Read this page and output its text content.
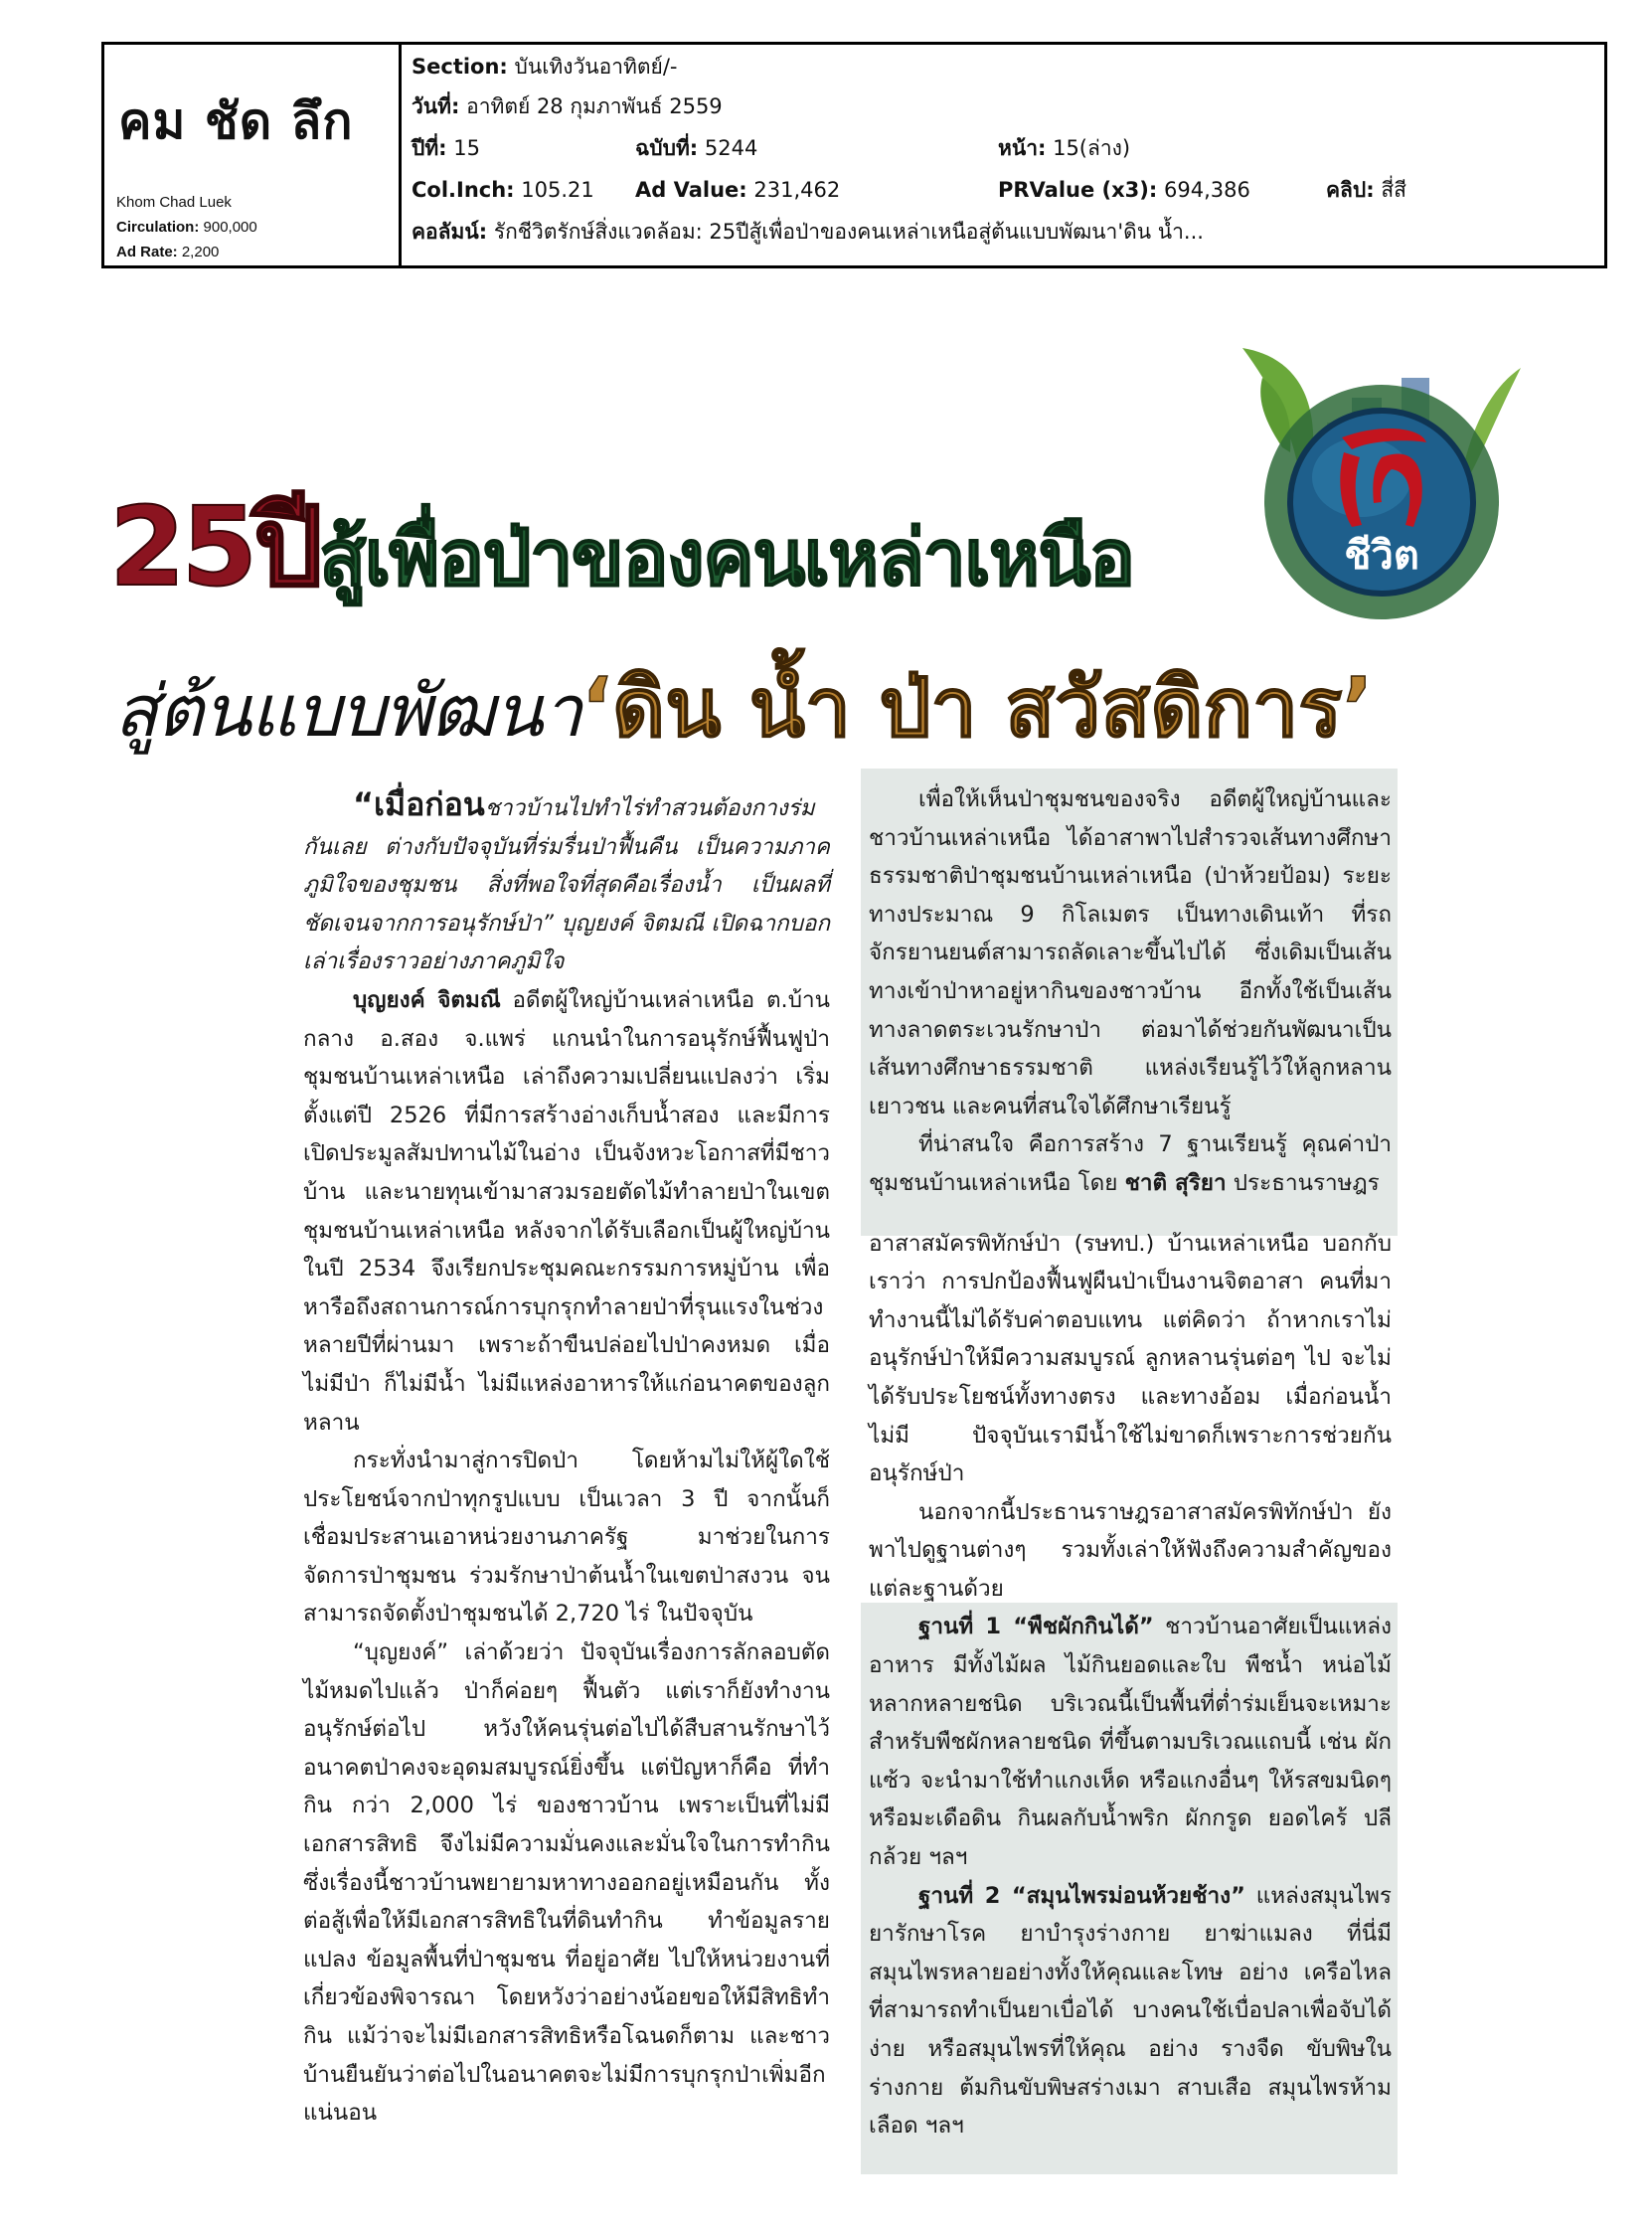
คม ชัด ลึก
Khom Chad Luek
Circulation: 900,000
Ad Rate: 2,200
Section: บันเทิงวันอาทิตย์/-
วันที่: อาทิตย์ 28 กุมภาพันธ์ 2559
ปีที่: 15	ฉบับที่: 5244	หน้า: 15(ล่าง)
Col.Inch: 105.21 Ad Value: 231,462	PRValue (x3): 694,386	คลิป: สี่สี
คอลัมน์: รักชีวิตรักษ์สิ่งแวดล้อม: 25ปีสู้เพื่อป่าของคนเหล่าเหนือสู่ต้นแบบพัฒนา'ดิน น้ำ...
ชีวิต
25ปีสู้เพื่อป่าของคนเหล่าเหนือ
สู่ต้นแบบพัฒนา‘ดิน น้ำ ป่า สวัสดิการ’

“เมื่อก่อนชาวบ้านไปทำไร่ทำสวนต้องกางร่มกันเลย ต่างกับปัจจุบันที่ร่มรื่นป่าฟื้นคืน เป็นความภาคภูมิใจของชุมชน สิ่งที่พอใจที่สุดคือเรื่องน้ำ เป็นผลที่ชัดเจนจากการอนุรักษ์ป่า” บุญยงค์ จิตมณี เปิดฉากบอกเล่าเรื่องราวอย่างภาคภูมิใจ

บุญยงค์ จิตมณี อดีตผู้ใหญ่บ้านเหล่าเหนือ ต.บ้านกลาง อ.สอง จ.แพร่ แกนนำในการอนุรักษ์ฟื้นฟูป่าชุมชนบ้านเหล่าเหนือ เล่าถึงความเปลี่ยนแปลงว่า เริ่มตั้งแต่ปี 2526 ที่มีการสร้างอ่างเก็บน้ำสอง และมีการเปิดประมูลสัมปทานไม้ในอ่าง เป็นจังหวะโอกาสที่มีชาวบ้าน และนายทุนเข้ามาสวมรอยตัดไม้ทำลายป่าในเขตชุมชนบ้านเหล่าเหนือ หลังจากได้รับเลือกเป็นผู้ใหญ่บ้านในปี 2534 จึงเรียกประชุมคณะกรรมการหมู่บ้าน เพื่อหารือถึงสถานการณ์การบุกรุกทำลายป่าที่รุนแรงในช่วงหลายปีที่ผ่านมา เพราะถ้าขืนปล่อยไปป่าคงหมด เมื่อไม่มีป่า ก็ไม่มีน้ำ ไม่มีแหล่งอาหารให้แก่อนาคตของลูกหลาน

กระทั่งนำมาสู่การปิดป่า โดยห้ามไม่ให้ผู้ใดใช้ประโยชน์จากป่าทุกรูปแบบ เป็นเวลา 3 ปี จากนั้นก็เชื่อมประสานเอาหน่วยงานภาครัฐ มาช่วยในการจัดการป่าชุมชน ร่วมรักษาป่าต้นน้ำในเขตป่าสงวน จนสามารถจัดตั้งป่าชุมชนได้ 2,720 ไร่ ในปัจจุบัน

“บุญยงค์” เล่าด้วยว่า ปัจจุบันเรื่องการลักลอบตัดไม้หมดไปแล้ว ป่าก็ค่อยๆ ฟื้นตัว แต่เราก็ยังทำงานอนุรักษ์ต่อไป หวังให้คนรุ่นต่อไปได้สืบสานรักษาไว้ อนาคตป่าคงจะอุดมสมบูรณ์ยิ่งขึ้น แต่ปัญหาก็คือ ที่ทำกิน กว่า 2,000 ไร่ ของชาวบ้าน เพราะเป็นที่ไม่มีเอกสารสิทธิ จึงไม่มีความมั่นคงและมั่นใจในการทำกิน ซึ่งเรื่องนี้ชาวบ้านพยายามหาทางออกอยู่เหมือนกัน ทั้งต่อสู้เพื่อให้มีเอกสารสิทธิในที่ดินทำกิน ทำข้อมูลรายแปลง ข้อมูลพื้นที่ป่าชุมชน ที่อยู่อาศัย ไปให้หน่วยงานที่เกี่ยวข้องพิจารณา โดยหวังว่าอย่างน้อยขอให้มีสิทธิทำกิน แม้ว่าจะไม่มีเอกสารสิทธิหรือโฉนดก็ตาม และชาวบ้านยืนยันว่าต่อไปในอนาคตจะไม่มีการบุกรุกป่าเพิ่มอีกแน่นอน

เพื่อให้เห็นป่าชุมชนของจริง อดีตผู้ใหญ่บ้านและชาวบ้านเหล่าเหนือ ได้อาสาพาไปสำรวจเส้นทางศึกษาธรรมชาติป่าชุมชนบ้านเหล่าเหนือ (ป่าห้วยป้อม) ระยะทางประมาณ 9 กิโลเมตร เป็นทางเดินเท้า ที่รถจักรยานยนต์สามารถลัดเลาะขึ้นไปได้ ซึ่งเดิมเป็นเส้นทางเข้าป่าหาอยู่หากินของชาวบ้าน อีกทั้งใช้เป็นเส้นทางลาดตระเวนรักษาป่า ต่อมาได้ช่วยกันพัฒนาเป็นเส้นทางศึกษาธรรมชาติ แหล่งเรียนรู้ไว้ให้ลูกหลานเยาวชน และคนที่สนใจได้ศึกษาเรียนรู้

ที่น่าสนใจ คือการสร้าง 7 ฐานเรียนรู้ คุณค่าป่าชุมชนบ้านเหล่าเหนือ โดย ชาติ สุริยา ประธานราษฎร

อาสาสมัครพิทักษ์ป่า (รษทป.) บ้านเหล่าเหนือ บอกกับเราว่า การปกป้องฟื้นฟูผืนป่าเป็นงานจิตอาสา คนที่มาทำงานนี้ไม่ได้รับค่าตอบแทน แต่คิดว่า ถ้าหากเราไม่อนุรักษ์ป่าให้มีความสมบูรณ์ ลูกหลานรุ่นต่อๆ ไป จะไม่ได้รับประโยชน์ทั้งทางตรง และทางอ้อม เมื่อก่อนน้ำไม่มี ปัจจุบันเรามีน้ำใช้ไม่ขาดก็เพราะการช่วยกันอนุรักษ์ป่า

นอกจากนี้ประธานราษฎรอาสาสมัครพิทักษ์ป่า ยังพาไปดูฐานต่างๆ รวมทั้งเล่าให้ฟังถึงความสำคัญของแต่ละฐานด้วย

ฐานที่ 1 “พืชผักกินได้” ชาวบ้านอาศัยเป็นแหล่งอาหาร มีทั้งไม้ผล ไม้กินยอดและใบ พืชน้ำ หน่อไม้หลากหลายชนิด บริเวณนี้เป็นพื้นที่ต่ำร่มเย็นจะเหมาะสำหรับพืชผักหลายชนิด ที่ขึ้นตามบริเวณแถบนี้ เช่น ผักแซ้ว จะนำมาใช้ทำแกงเห็ด หรือแกงอื่นๆ ให้รสขมนิดๆ หรือมะเดือดิน กินผลกับน้ำพริก ผักกรูด ยอดไคร้ ปลีกล้วย ฯลฯ

ฐานที่ 2 “สมุนไพรม่อนห้วยช้าง” แหล่งสมุนไพรยารักษาโรค ยาบำรุงร่างกาย ยาฆ่าแมลง ที่นี่มีสมุนไพรหลายอย่างทั้งให้คุณและโทษ อย่าง เครือไหล ที่สามารถทำเป็นยาเบื่อได้ บางคนใช้เบื่อปลาเพื่อจับได้ง่าย หรือสมุนไพรที่ให้คุณ อย่าง รางจืด ขับพิษในร่างกาย ต้มกินขับพิษสร่างเมา สาบเสือ สมุนไพรห้ามเลือด ฯลฯ
